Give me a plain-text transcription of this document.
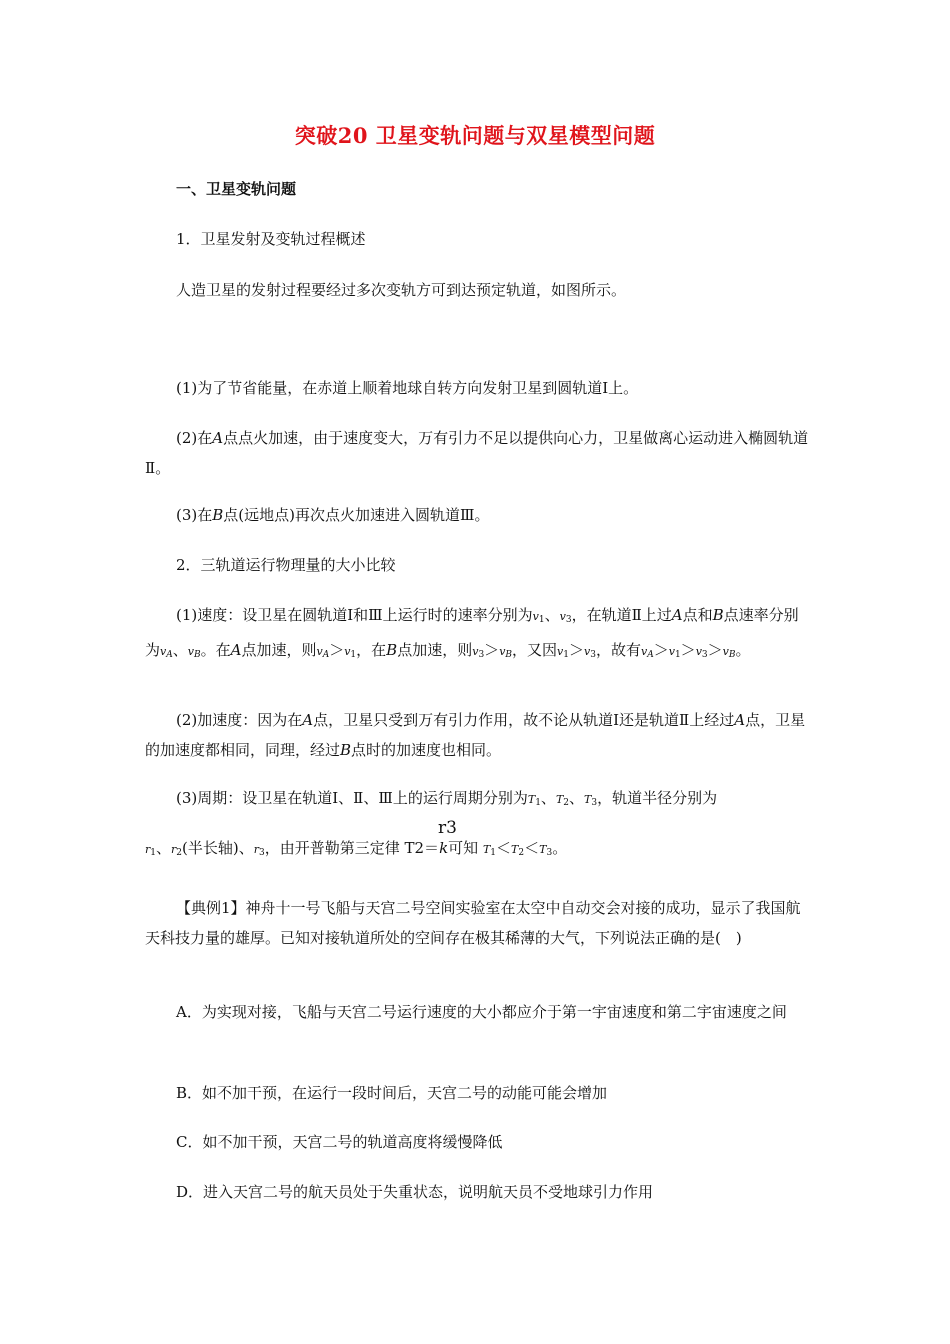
突破20 卫星变轨问题与双星模型问题
一、卫星变轨问题
1．卫星发射及变轨过程概述
人造卫星的发射过程要经过多次变轨方可到达预定轨道，如图所示。
(1)为了节省能量，在赤道上顺着地球自转方向发射卫星到圆轨道Ⅰ上。
(2)在A点点火加速，由于速度变大，万有引力不足以提供向心力，卫星做离心运动进入椭圆轨道Ⅱ。
(3)在B点(远地点)再次点火加速进入圆轨道Ⅲ。
2．三轨道运行物理量的大小比较
(1)速度：设卫星在圆轨道Ⅰ和Ⅲ上运行时的速率分别为$v_1$、$v_3$，在轨道Ⅱ上过A点和B点速率分别为$v_A$、$v_B$。在A点加速，则$v_A>v_1$，在B点加速，则$v_3>v_B$，又因$v_1>v_3$，故有$v_A>v_1>v_3>v_B$。
(2)加速度：因为在A点，卫星只受到万有引力作用，故不论从轨道Ⅰ还是轨道Ⅱ上经过A点，卫星的加速度都相同，同理，经过B点时的加速度也相同。
(3)周期：设卫星在轨道Ⅰ、Ⅱ、Ⅲ上的运行周期分别为$T_1$、$T_2$、$T_3$，轨道半径分别为
r3
$r_1$、$r_2$(半长轴)、$r_3$，由开普勒第三定律 T2＝k可知 $T_1<T_2<T_3$。
【典例1】神舟十一号飞船与天宫二号空间实验室在太空中自动交会对接的成功，显示了我国航天科技力量的雄厚。已知对接轨道所处的空间存在极其稀薄的大气，下列说法正确的是(　)
A．为实现对接，飞船与天宫二号运行速度的大小都应介于第一宇宙速度和第二宇宙速度之间
B．如不加干预，在运行一段时间后，天宫二号的动能可能会增加
C．如不加干预，天宫二号的轨道高度将缓慢降低
D．进入天宫二号的航天员处于失重状态，说明航天员不受地球引力作用
